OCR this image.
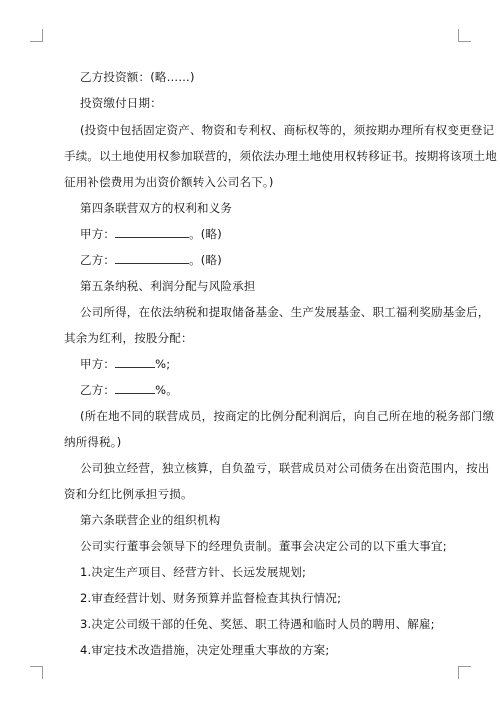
乙方投资额：(略……)
投资缴付日期：
(投资中包括固定资产、物资和专利权、商标权等的，须按期办理所有权变更登记
手续。以土地使用权参加联营的，须依法办理土地使用权转移证书。按期将该项土地
征用补偿费用为出资价额转入公司名下。)
第四条联营双方的权利和义务
甲方：	。(略)
乙方：	。(略)
第五条纳税、利润分配与风险承担
公司所得，在依法纳税和提取储备基金、生产发展基金、职工福利奖励基金后，
其余为红利，按股分配：
甲方：	%;
乙方：	%。
(所在地不同的联营成员，按商定的比例分配利润后，向自己所在地的税务部门缴
纳所得税。)
公司独立经营，独立核算，自负盈亏，联营成员对公司债务在出资范围内，按出
资和分红比例承担亏损。
第六条联营企业的组织机构
公司实行董事会领导下的经理负责制。董事会决定公司的以下重大事宜;
1.决定生产项目、经营方针、长远发展规划;
2.审查经营计划、财务预算并监督检查其执行情况;
3.决定公司级干部的任免、奖惩、职工待遇和临时人员的聘用、解雇;
4.审定技术改造措施，决定处理重大事故的方案;
